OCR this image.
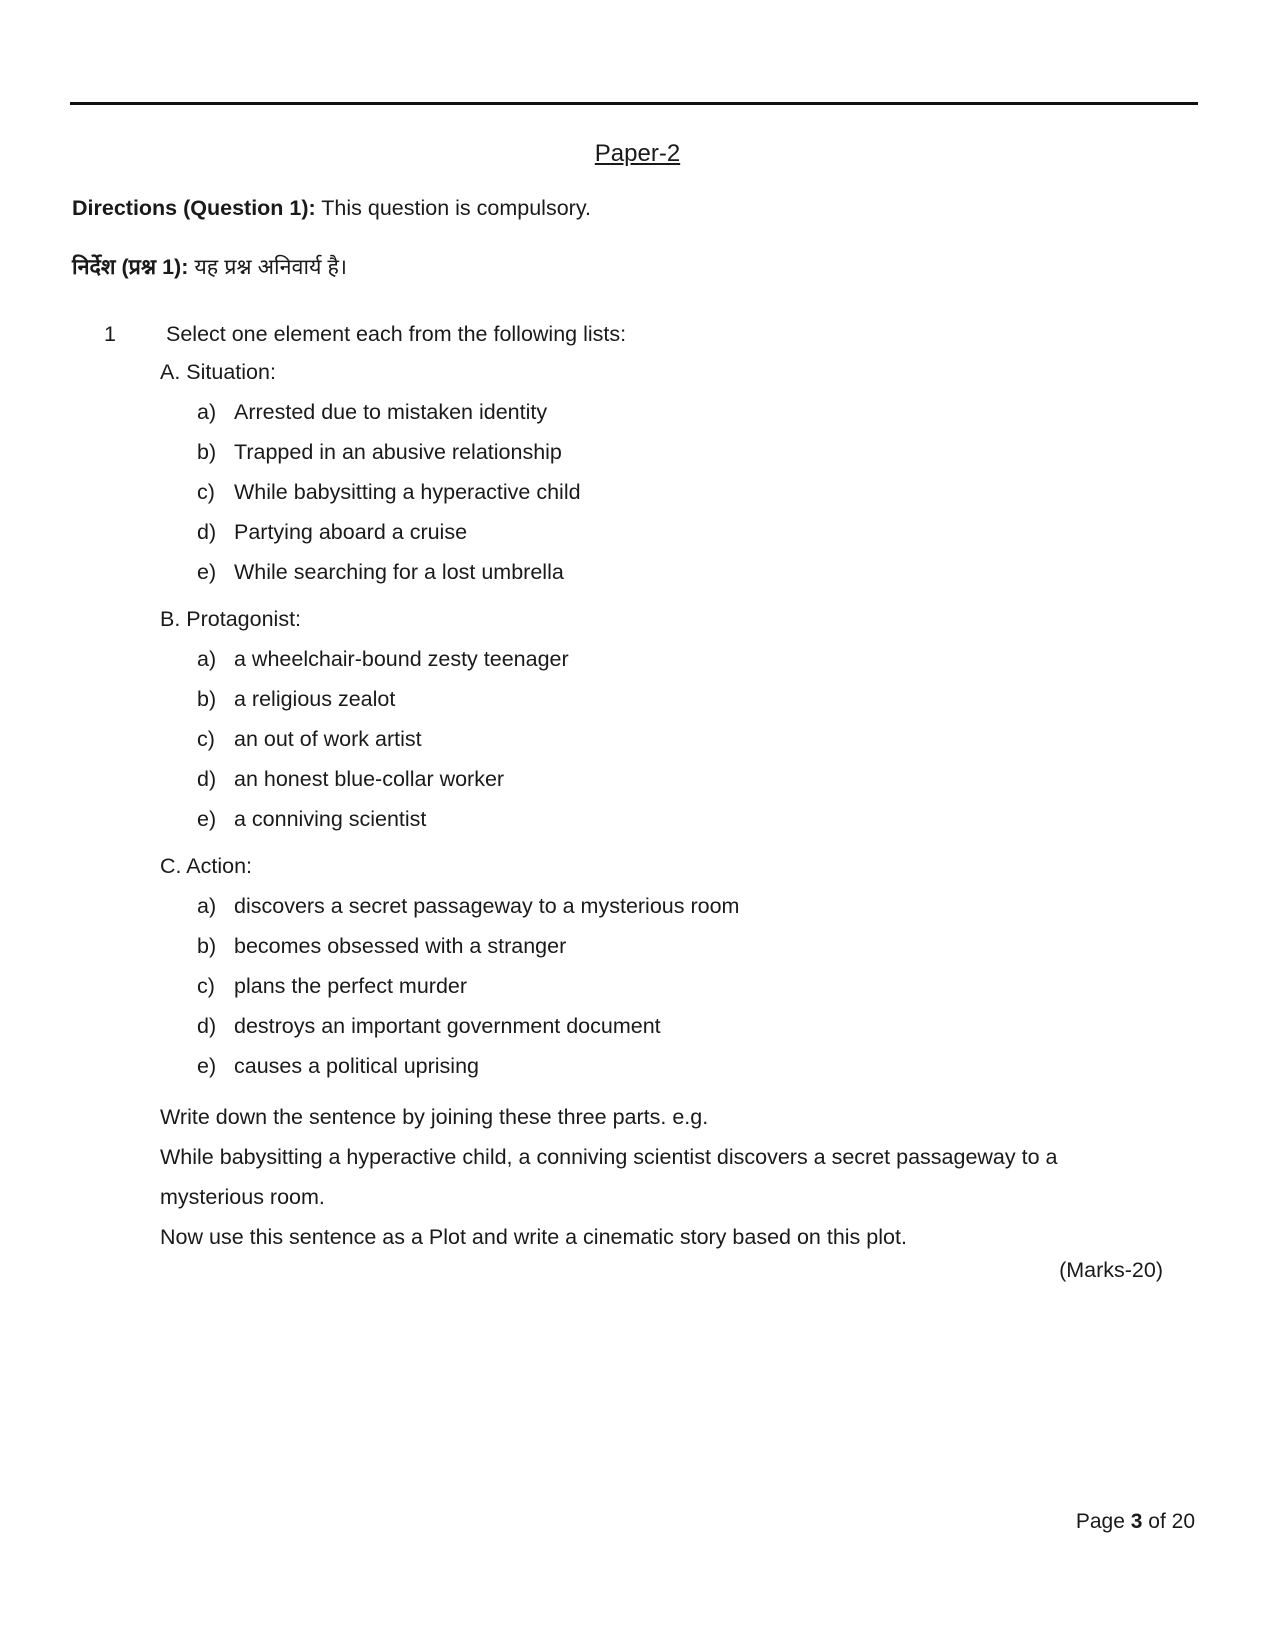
Paper-2
Directions (Question 1): This question is compulsory.
निर्देश (प्रश्न 1): यह प्रश्न अनिवार्य है।
1 Select one element each from the following lists:
A. Situation:
a) Arrested due to mistaken identity
b) Trapped in an abusive relationship
c) While babysitting a hyperactive child
d) Partying aboard a cruise
e) While searching for a lost umbrella
B. Protagonist:
a) a wheelchair-bound zesty teenager
b) a religious zealot
c) an out of work artist
d) an honest blue-collar worker
e) a conniving scientist
C. Action:
a) discovers a secret passageway to a mysterious room
b) becomes obsessed with a stranger
c) plans the perfect murder
d) destroys an important government document
e) causes a political uprising
Write down the sentence by joining these three parts. e.g.
While babysitting a hyperactive child, a conniving scientist discovers a secret passageway to a
mysterious room.
Now use this sentence as a Plot and write a cinematic story based on this plot.
(Marks-20)
Page 3 of 20
